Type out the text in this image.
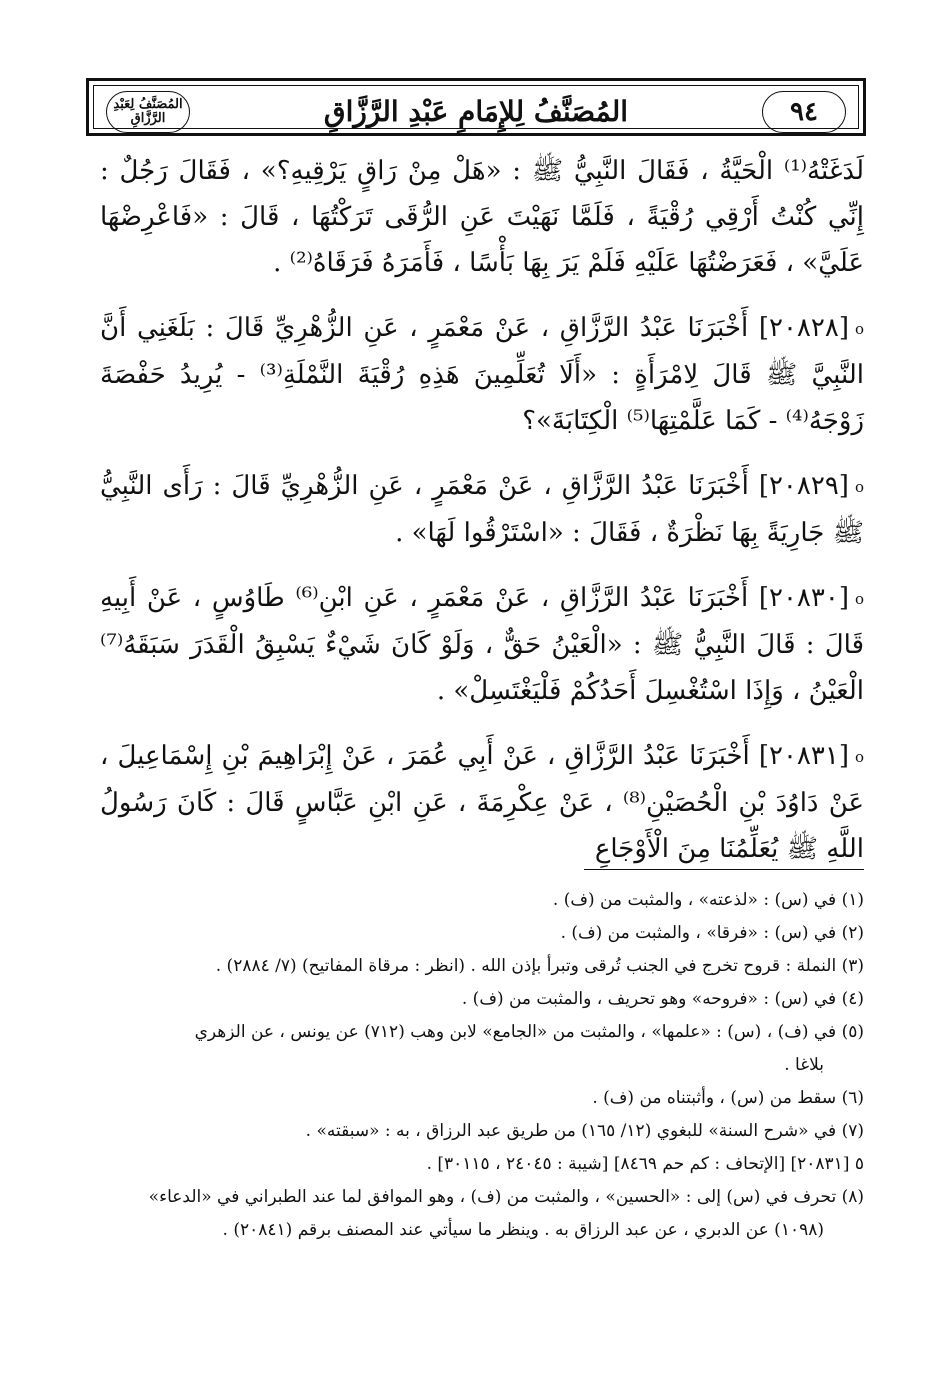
٩٤
المُصَنَّفُ لِلإِمَامِ عَبْدِ الرَّزَّاقِ
المُصَنَّفُ لِعَبْدِ الرَّزَّاقِ

لَدَغَتْهُ⁽¹⁾ الْحَيَّةُ ، فَقَالَ النَّبِيُّ ﷺ : «هَلْ مِنْ رَاقٍ يَرْقِيهِ؟» ، فَقَالَ رَجُلٌ : إِنِّي كُنْتُ أَرْقِي رُقْيَةً ، فَلَمَّا نَهَيْتَ عَنِ الرُّقَى تَرَكْتُهَا ، قَالَ : «فَاعْرِضْهَا عَلَيَّ» ، فَعَرَضْتُهَا عَلَيْهِ فَلَمْ يَرَ بِهَا بَأْسًا ، فَأَمَرَهُ فَرَقَاهُ⁽²⁾ .

o[٢٠٨٢٨] أَخْبَرَنَا عَبْدُ الرَّزَّاقِ ، عَنْ مَعْمَرٍ ، عَنِ الزُّهْرِيِّ قَالَ : بَلَغَنِي أَنَّ النَّبِيَّ ﷺ قَالَ لِامْرَأَةٍ : «أَلَا تُعَلِّمِينَ هَذِهِ رُقْيَةَ النَّمْلَةِ⁽³⁾ - يُرِيدُ حَفْصَةَ زَوْجَهُ⁽⁴⁾ - كَمَا عَلَّمْتِهَا⁽⁵⁾ الْكِتَابَةَ»؟

o[٢٠٨٢٩] أَخْبَرَنَا عَبْدُ الرَّزَّاقِ ، عَنْ مَعْمَرٍ ، عَنِ الزُّهْرِيِّ قَالَ : رَأَى النَّبِيُّ ﷺ جَارِيَةً بِهَا نَظْرَةٌ ، فَقَالَ : «اسْتَرْقُوا لَهَا» .

o[٢٠٨٣٠] أَخْبَرَنَا عَبْدُ الرَّزَّاقِ ، عَنْ مَعْمَرٍ ، عَنِ ابْنِ⁽⁶⁾ طَاوُسٍ ، عَنْ أَبِيهِ قَالَ : قَالَ النَّبِيُّ ﷺ : «الْعَيْنُ حَقٌّ ، وَلَوْ كَانَ شَيْءٌ يَسْبِقُ الْقَدَرَ سَبَقَهُ⁽⁷⁾ الْعَيْنُ ، وَإِذَا اسْتُغْسِلَ أَحَدُكُمْ فَلْيَغْتَسِلْ» .

o[٢٠٨٣١] أَخْبَرَنَا عَبْدُ الرَّزَّاقِ ، عَنْ أَبِي عُمَرَ ، عَنْ إِبْرَاهِيمَ بْنِ إِسْمَاعِيلَ ، عَنْ دَاوُدَ بْنِ الْحُصَيْنِ⁽⁸⁾ ، عَنْ عِكْرِمَةَ ، عَنِ ابْنِ عَبَّاسٍ قَالَ : كَانَ رَسُولُ اللَّهِ ﷺ يُعَلِّمُنَا مِنَ الْأَوْجَاعِ

(١) في (س) : «لذعته» ، والمثبت من (ف) .

(٢) في (س) : «فرقا» ، والمثبت من (ف) .

(٣) النملة : قروح تخرج في الجنب تُرقى وتبرأ بإذن الله . (انظر : مرقاة المفاتيح) (٧/ ٢٨٨٤) .

(٤) في (س) : «فروحه» وهو تحريف ، والمثبت من (ف) .

(٥) في (ف) ، (س) : «علمها» ، والمثبت من «الجامع» لابن وهب (٧١٢) عن يونس ، عن الزهري

بلاغا .

(٦) سقط من (س) ، وأثبتناه من (ف) .

(٧) في «شرح السنة» للبغوي (١٢/ ١٦٥) من طريق عبد الرزاق ، به : «سبقته» .

٥ [٢٠٨٣١] [الإتحاف : كم حم ٨٤٦٩] [شيبة : ٢٤٠٤٥ ، ٣٠١١٥] .

(٨) تحرف في (س) إلى : «الحسين» ، والمثبت من (ف) ، وهو الموافق لما عند الطبراني في «الدعاء»

(١٠٩٨) عن الدبري ، عن عبد الرزاق به . وينظر ما سيأتي عند المصنف برقم (٢٠٨٤١) .
